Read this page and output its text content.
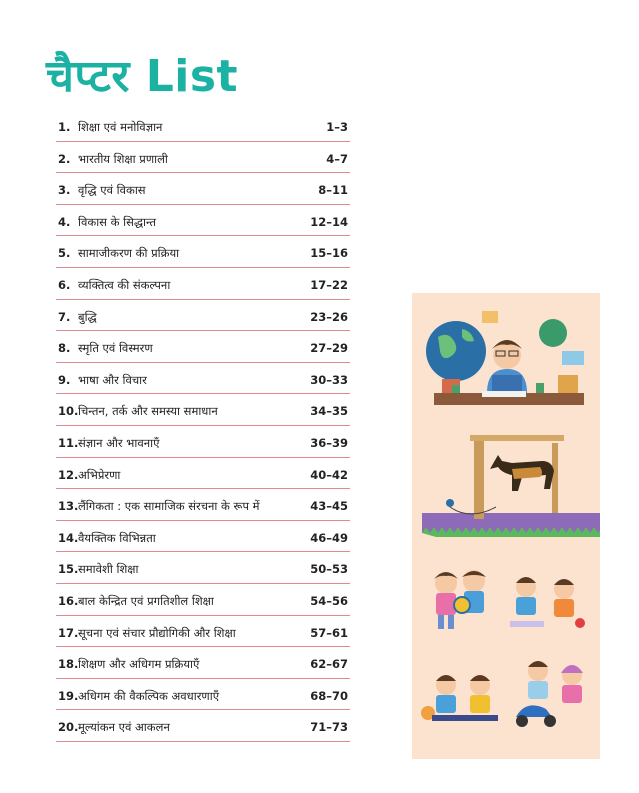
चैप्टर List
1. शिक्षा एवं मनोविज्ञान	1–3
2. भारतीय शिक्षा प्रणाली	4–7
3. वृद्धि एवं विकास	8–11
4. विकास के सिद्धान्त	12–14
5. सामाजीकरण की प्रक्रिया	15–16
6. व्यक्तित्व की संकल्पना	17–22
7. बुद्धि	23–26
8. स्मृति एवं विस्मरण	27–29
9. भाषा और विचार	30–33
10. चिन्तन, तर्क और समस्या समाधान	34–35
11. संज्ञान और भावनाएँ	36–39
12. अभिप्रेरणा	40–42
13. लैंगिकता : एक सामाजिक संरचना के रूप में	43–45
14. वैयक्तिक विभिन्नता	46–49
15. समावेशी शिक्षा	50–53
16. बाल केन्द्रित एवं प्रगतिशील शिक्षा	54–56
17. सूचना एवं संचार प्रौद्योगिकी और शिक्षा	57–61
18. शिक्षण और अधिगम प्रक्रियाएँ	62–67
19. अधिगम की वैकल्पिक अवधारणाएँ	68–70
20. मूल्यांकन एवं आकलन	71–73
